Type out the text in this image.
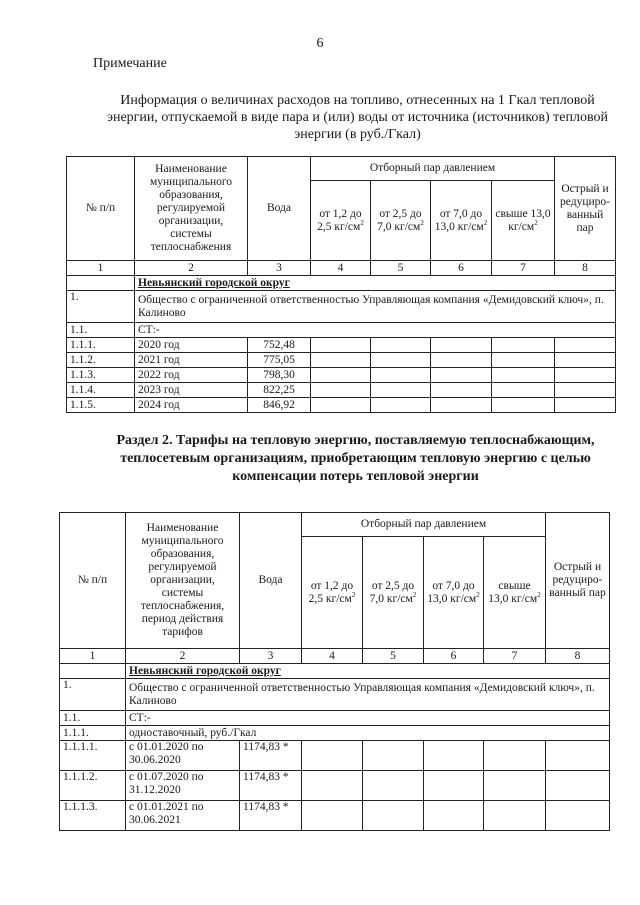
6
Примечание
Информация о величинах расходов на топливо, отнесенных на 1 Гкал тепловой энергии, отпускаемой в виде пара и (или) воды от источника (источников) тепловой энергии (в руб./Гкал)
№ п/п	Наименование муниципального образования, регулируемой организации, системы теплоснабжения	Вода	Отборный пар давлением				Острый и редуциро-ванный пар
			от 1,2 до 2,5 $кг/см^2$	от 2,5 до 7,0 $кг/см^2$	от 7,0 до 13,0 $кг/см^2$	свыше 13,0 $кг/см^2$
1	2	3	4	5	6	7	8
	Невьянский городской округ						
1.	Общество с ограниченной ответственностью Управляющая компания «Демидовский ключ», п. Калиново						
1.1.	СТ:-						
1.1.1.	2020 год	752,48					
1.1.2.	2021 год	775,05					
1.1.3.	2022 год	798,30					
1.1.4.	2023 год	822,25					
1.1.5.	2024 год	846,92					
Раздел 2. Тарифы на тепловую энергию, поставляемую теплоснабжающим, теплосетевым организациям, приобретающим тепловую энергию с целью компенсации потерь тепловой энергии
№ п/п	Наименование муниципального образования, регулируемой организации, системы теплоснабжения, период действия тарифов	Вода	Отборный пар давлением				Острый и редуциро-ванный пар
			от 1,2 до 2,5 $кг/см^2$	от 2,5 до 7,0 $кг/см^2$	от 7,0 до 13,0 $кг/см^2$	свыше 13,0 $кг/см^2$
1	2	3	4	5	6	7	8
	Невьянский городской округ						
1.	Общество с ограниченной ответственностью Управляющая компания «Демидовский ключ», п. Калиново						
1.1.	СТ:-						
1.1.1.	одноставочный, руб./Гкал						
1.1.1.1.	с 01.01.2020 по 30.06.2020	1174,83 *					
1.1.1.2.	с 01.07.2020 по 31.12.2020	1174,83 *					
1.1.1.3.	с 01.01.2021 по 30.06.2021	1174,83 *					
